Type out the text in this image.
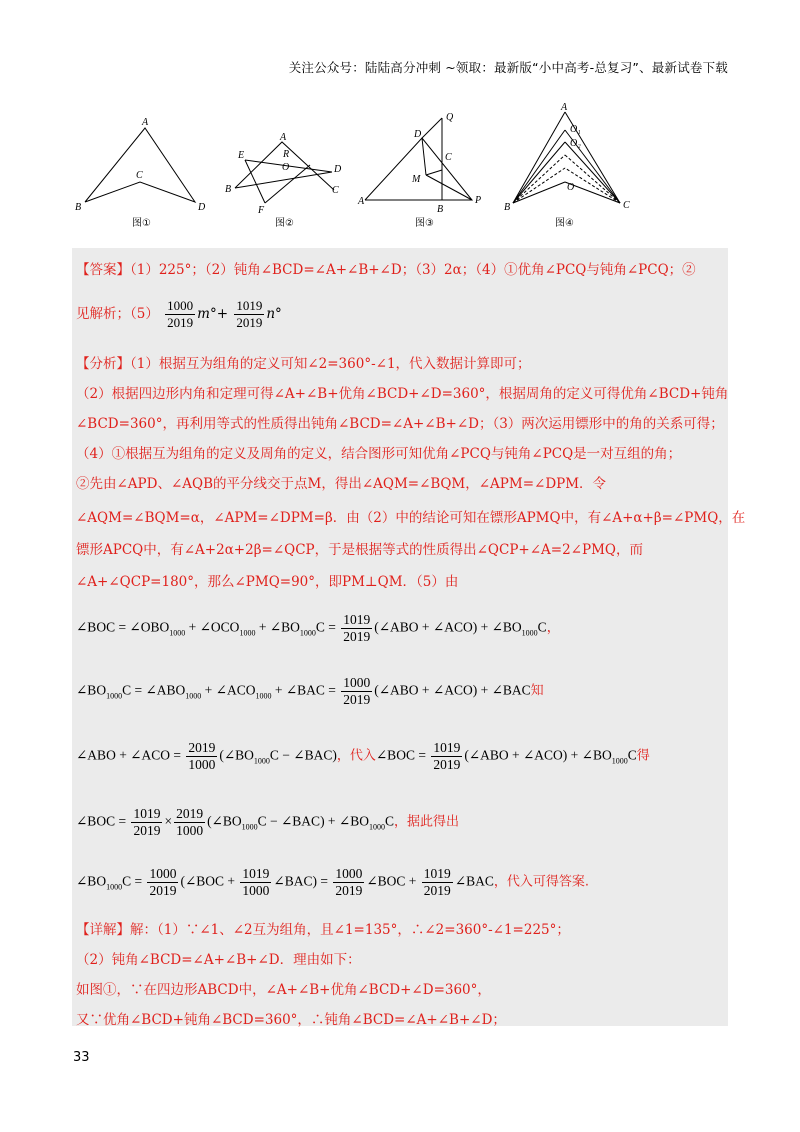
关注公众号：陆陆高分冲刺 ~领取：最新版“小中高考-总复习”、最新试卷下载
A
B
C
D
A
B	C
D
E
F
O
R
A
B
C
D
M
P
Q
A
B	C
O
O₁
O₂
图①	图②	图③	图④
【答案】（1）225°；（2）钝角∠BCD=∠A+∠B+∠D；（3）2α；（4）①优角∠PCQ与钝角∠PCQ；②
见解析；$(5) \frac{1000}{2019} m^\circ+ \frac{1019}{2019} n^\circ$
【分析】（1）根据互为组角的定义可知∠2=360°-∠1，代入数据计算即可；
（2）根据四边形内角和定理可得∠A+∠B+优角∠BCD+∠D=360°，根据周角的定义可得优角∠BCD+钝角
∠BCD=360°，再利用等式的性质得出钝角∠BCD=∠A+∠B+∠D；（3）两次运用镖形中的角的关系可得；
（4）①根据互为组角的定义及周角的定义，结合图形可知优角∠PCQ与钝角∠PCQ是一对互组的角；
②先由∠APD、∠AQB的平分线交于点M，得出∠AQM=∠BQM，∠APM=∠DPM．令
∠AQM=∠BQM=α，∠APM=∠DPM=β．由（2）中的结论可知在镖形APMQ中，有∠A+α+β=∠PMQ，在
镖形APCQ中，有∠A+2α+2β=∠QCP，于是根据等式的性质得出∠QCP+∠A=2∠PMQ，而
∠A+∠QCP=180°，那么∠PMQ=90°，即PM⊥QM．（5）由
∠BOC = $\angle OBO_{1000}$ + $\angle OCO_{1000}$ + $\angle BO_{1000}C = \frac{1019}{2019}$ (∠ABO + ∠ACO) + $\angle BO_{1000}C$，
$\angle BO_{1000}C$ = $\angle ABO_{1000}$ + $\angle ACO_{1000}$ + ∠BAC = $\frac{1000}{2019}$ (∠ABO + ∠ACO) + ∠BAC知
∠ABO + ∠ACO = $\frac{2019}{1000}$ ($\angle BO_{1000}C$ − ∠BAC)，代入∠BOC = $\frac{1019}{2019}$ (∠ABO + ∠ACO) + $\angle BO_{1000}C$得
∠BOC = $\frac{1019}{2019} \times \frac{2019}{1000}$ ($\angle BO_{1000}C$ − ∠BAC) + $\angle BO_{1000}C$，据此得出
$\angle BO_{1000}C = \frac{1000}{2019}$ (∠BOC + $\frac{1019}{1000}$ ∠BAC) = $\frac{1000}{2019}$ ∠BOC + $\frac{1019}{2019}$ ∠BAC，代入可得答案.
【详解】解：（1）∵∠1、∠2互为组角，且∠1=135°，∴∠2=360°-∠1=225°；
（2）钝角∠BCD=∠A+∠B+∠D．理由如下：
如图①，∵在四边形ABCD中，∠A+∠B+优角∠BCD+∠D=360°，
又∵优角∠BCD+钝角∠BCD=360°，∴钝角∠BCD=∠A+∠B+∠D；
33
